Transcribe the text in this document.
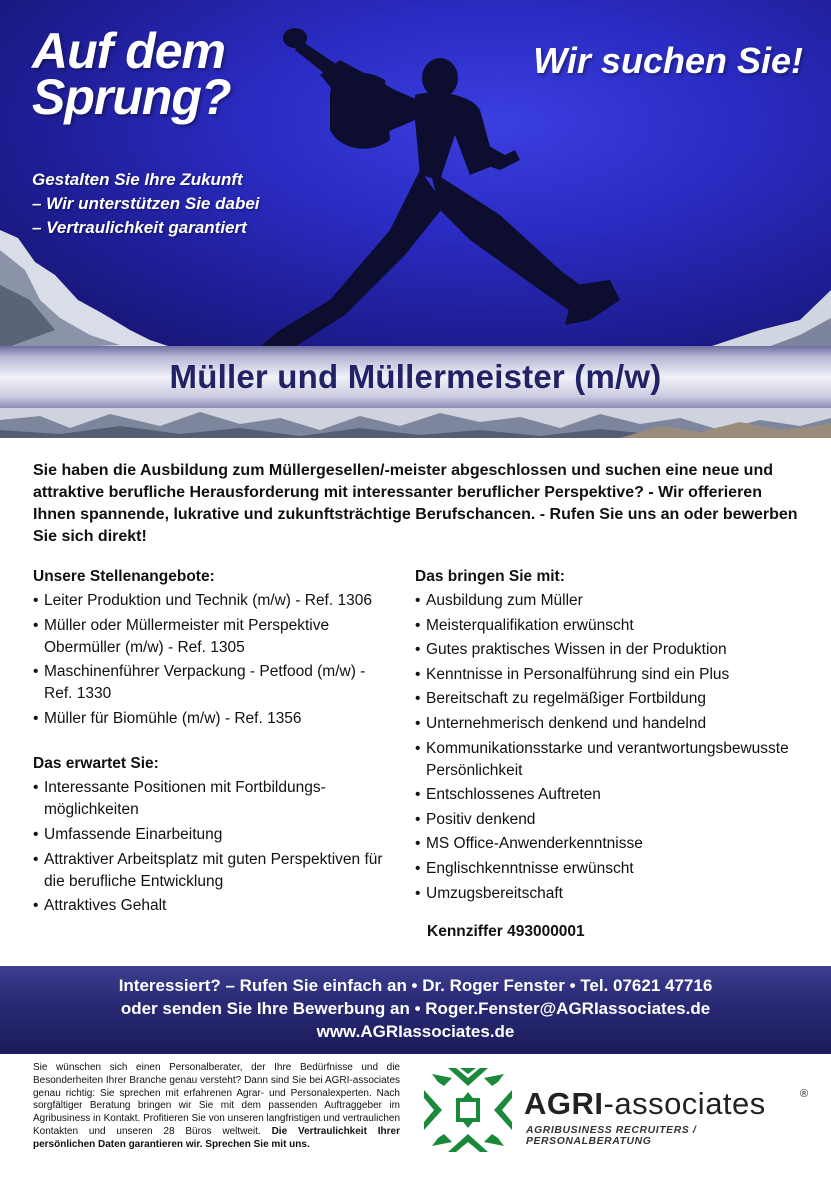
Auf dem
Sprung?
Wir suchen Sie!
Gestalten Sie Ihre Zukunft
– Wir unterstützen Sie dabei
– Vertraulichkeit garantiert
Müller und Müllermeister (m/w)
Sie haben die Ausbildung zum Müllergesellen/-meister abgeschlossen und suchen eine neue und attraktive berufliche Herausforderung mit interessanter beruflicher Perspektive? - Wir offerieren Ihnen spannende, lukrative und zukunftsträchtige Berufschancen. - Rufen Sie uns an oder bewerben Sie sich direkt!
Unsere Stellenangebote:
• Leiter Produktion und Technik (m/w) - Ref. 1306
• Müller oder Müllermeister mit Perspektive Obermüller (m/w) - Ref. 1305
• Maschinenführer Verpackung - Petfood (m/w) - Ref. 1330
• Müller für Biomühle (m/w) - Ref. 1356
Das erwartet Sie:
• Interessante Positionen mit Fortbildungs-möglichkeiten
• Umfassende Einarbeitung
• Attraktiver Arbeitsplatz mit guten Perspektiven für die berufliche Entwicklung
• Attraktives Gehalt
Das bringen Sie mit:
• Ausbildung zum Müller
• Meisterqualifikation erwünscht
• Gutes praktisches Wissen in der Produktion
• Kenntnisse in Personalführung sind ein Plus
• Bereitschaft zu regelmäßiger Fortbildung
• Unternehmerisch denkend und handelnd
• Kommunikationsstarke und verantwortungsbewusste Persönlichkeit
• Entschlossenes Auftreten
• Positiv denkend
• MS Office-Anwenderkenntnisse
• Englischkenntnisse erwünscht
• Umzugsbereitschaft
Kennziffer 493000001
Interessiert? – Rufen Sie einfach an • Dr. Roger Fenster • Tel. 07621 47716
oder senden Sie Ihre Bewerbung an • Roger.Fenster@AGRIassociates.de
www.AGRIassociates.de
Sie wünschen sich einen Personalberater, der Ihre Bedürfnisse und die Besonderheiten Ihrer Branche genau versteht? Dann sind Sie bei AGRI-associates genau richtig: Sie sprechen mit erfahrenen Agrar- und Personalexperten. Nach sorgfältiger Beratung bringen wir Sie mit dem passenden Auftraggeber im Agribusiness in Kontakt. Profitieren Sie von unseren langfristigen und vertraulichen Kontakten und unseren 28 Büros weltweit. Die Vertraulichkeit Ihrer persönlichen Daten garantieren wir. Sprechen Sie mit uns.
AGRI-associates	®
AGRIBUSINESS RECRUITERS / PERSONALBERATUNG
